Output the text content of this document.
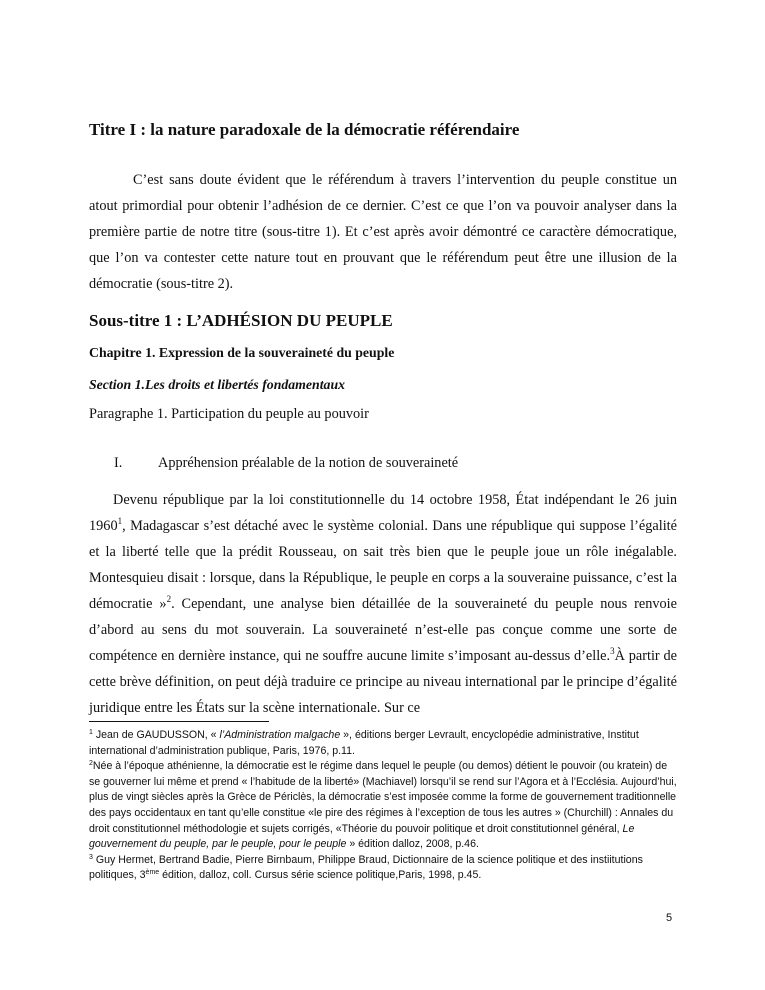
Titre I : la nature paradoxale de la démocratie référendaire
C’est sans doute évident que le référendum à travers l’intervention du peuple constitue un atout primordial pour obtenir l’adhésion de ce dernier. C’est ce que l’on va pouvoir analyser dans la première partie de notre titre (sous-titre 1). Et c’est après avoir démontré ce caractère démocratique, que l’on va contester cette nature tout en prouvant que le référendum peut être une illusion de la démocratie (sous-titre 2).
Sous-titre 1 : L’ADHÉSION DU PEUPLE
Chapitre 1. Expression de la souveraineté du peuple
Section 1.Les droits et libertés fondamentaux
Paragraphe 1. Participation du peuple au pouvoir
I. Appréhension préalable de la notion de souveraineté
Devenu république par la loi constitutionnelle du 14 octobre 1958, État indépendant le 26 juin 1960$^1$, Madagascar s’est détaché avec le système colonial. Dans une république qui suppose l’égalité et la liberté telle que la prédit Rousseau, on sait très bien que le peuple joue un rôle inégalable. Montesquieu disait : lorsque, dans la République, le peuple en corps a la souveraine puissance, c’est la démocratie »$^2$. Cependant, une analyse bien détaillée de la souveraineté du peuple nous renvoie d’abord au sens du mot souverain. La souveraineté n’est-elle pas conçue comme une sorte de compétence en dernière instance, qui ne souffre aucune limite s’imposant au-dessus d’elle.$^3$À partir de cette brève définition, on peut déjà traduire ce principe au niveau international par le principe d’égalité juridique entre les États sur la scène internationale. Sur ce

$^1$ Jean de GAUDUSSON, « l’Administration malgache », éditions berger Levrault, encyclopédie administrative, Institut international d’administration publique, Paris, 1976, p.11.

$^2$Née à l’époque athénienne, la démocratie est le régime dans lequel le peuple (ou demos) détient le pouvoir (ou kratein) de se gouverner lui même et prend « l’habitude de la liberté» (Machiavel) lorsqu’il se rend sur l’Agora et à l’Ecclésia. Aujourd’hui, plus de vingt siècles après la Grèce de Périclès, la démocratie s’est imposée comme la forme de gouvernement traditionnelle des pays occidentaux en tant qu’elle constitue «le pire des régimes à l’exception de tous les autres » (Churchill) : Annales du droit constitutionnel méthodologie et sujets corrigés, «Théorie du pouvoir politique et droit constitutionnel général, Le gouvernement du peuple, par le peuple, pour le peuple » édition dalloz, 2008, p.46.

$^3$ Guy Hermet, Bertrand Badie, Pierre Birnbaum, Philippe Braud, Dictionnaire de la science politique et des instiitutions politiques, 3ème édition, dalloz, coll. Cursus série science politique,Paris, 1998, p.45.

5
